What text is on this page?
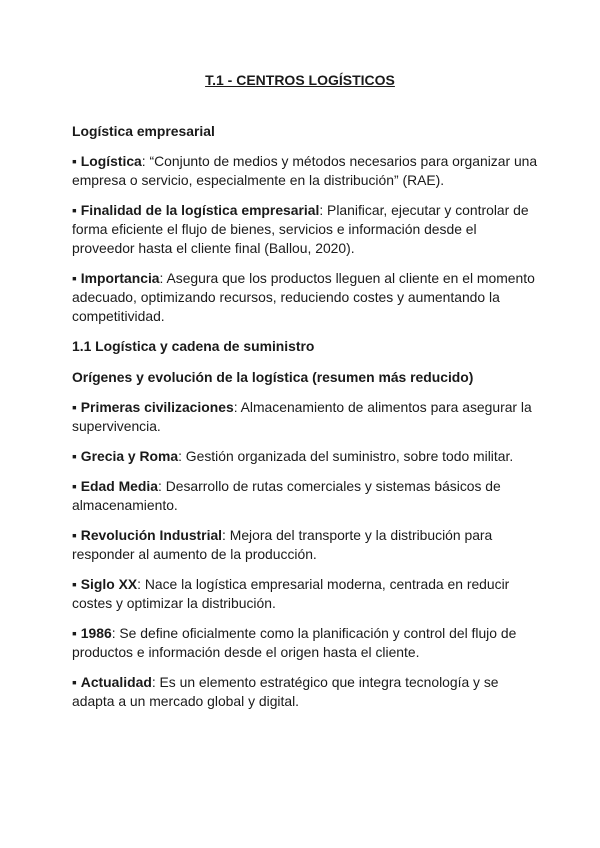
T.1 - CENTROS LOGÍSTICOS

Logística empresarial

▪ Logística: “Conjunto de medios y métodos necesarios para organizar una empresa o servicio, especialmente en la distribución” (RAE).

▪ Finalidad de la logística empresarial: Planificar, ejecutar y controlar de forma eficiente el flujo de bienes, servicios e información desde el proveedor hasta el cliente final (Ballou, 2020).

▪ Importancia: Asegura que los productos lleguen al cliente en el momento adecuado, optimizando recursos, reduciendo costes y aumentando la competitividad.

1.1 Logística y cadena de suministro

Orígenes y evolución de la logística (resumen más reducido)

▪ Primeras civilizaciones: Almacenamiento de alimentos para asegurar la supervivencia.

▪ Grecia y Roma: Gestión organizada del suministro, sobre todo militar.

▪ Edad Media: Desarrollo de rutas comerciales y sistemas básicos de almacenamiento.

▪ Revolución Industrial: Mejora del transporte y la distribución para responder al aumento de la producción.

▪ Siglo XX: Nace la logística empresarial moderna, centrada en reducir costes y optimizar la distribución.

▪ 1986: Se define oficialmente como la planificación y control del flujo de productos e información desde el origen hasta el cliente.

▪ Actualidad: Es un elemento estratégico que integra tecnología y se adapta a un mercado global y digital.
